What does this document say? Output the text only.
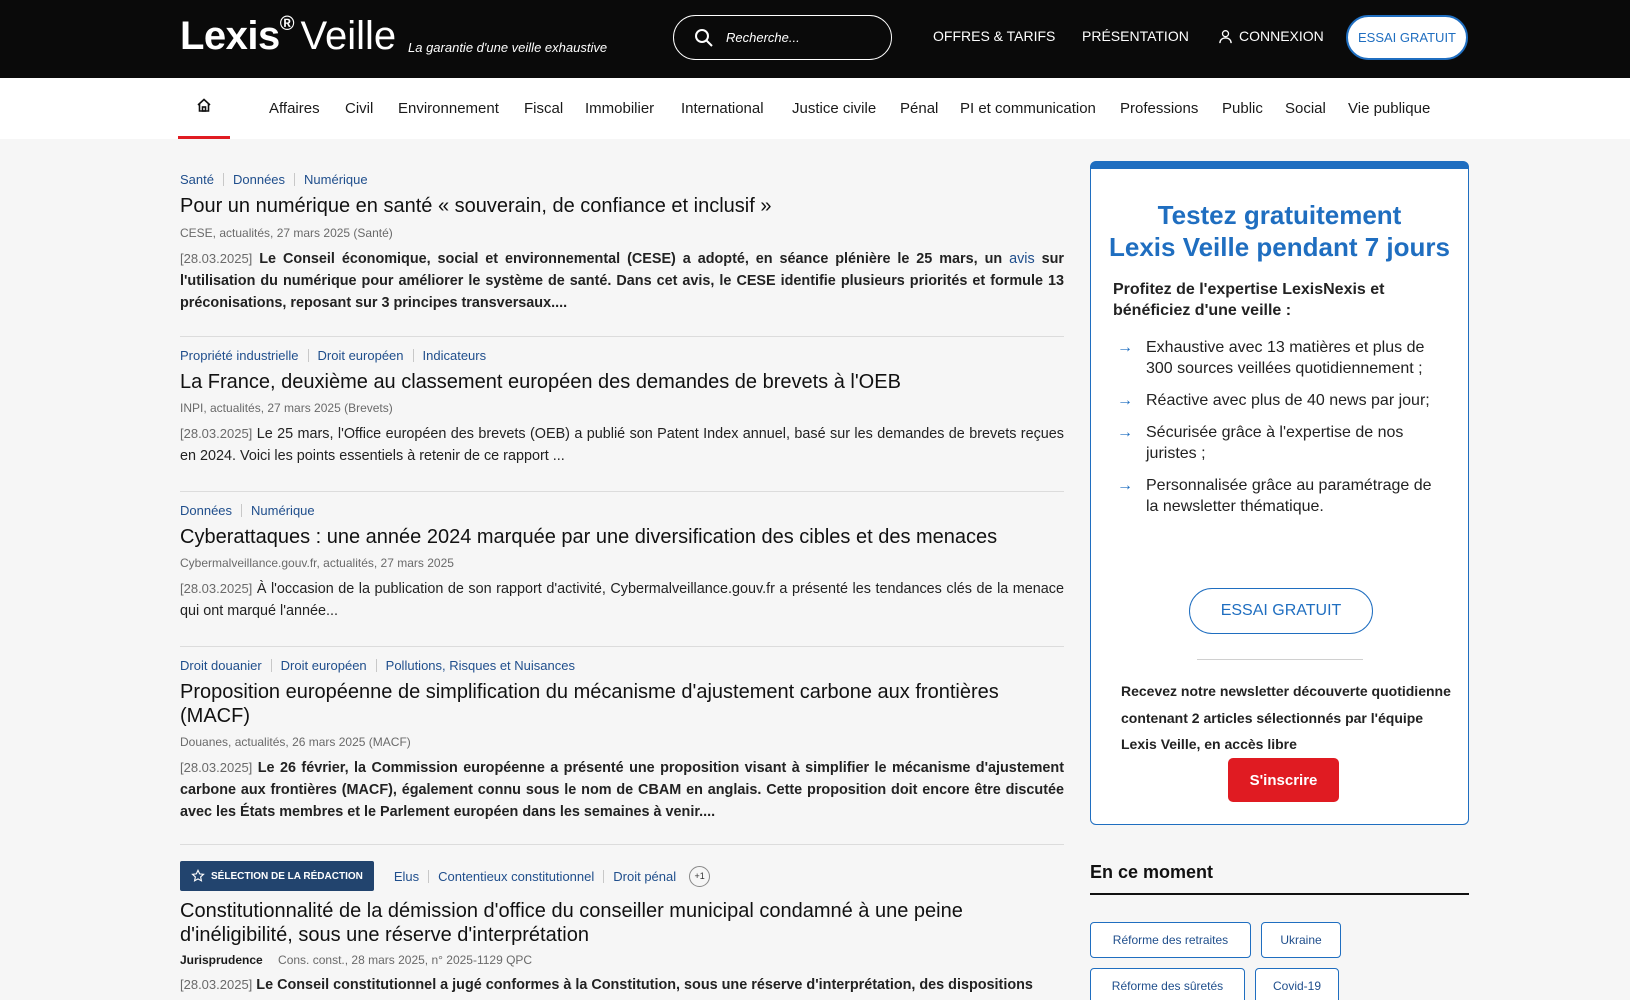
Lexis ® Veille La garantie d'une veille exhaustive
Recherche...
OFFRES & TARIFS PRÉSENTATION	CONNEXION	ESSAI GRATUIT
Affaires Civil Environnement Fiscal Immobilier International Justice civile Pénal PI et communication Professions Public Social Vie publique
Santé	Données	Numérique
Pour un numérique en santé « souverain, de confiance et inclusif »
CESE, actualités, 27 mars 2025 (Santé)

[28.03.2025] Le Conseil économique, social et environnemental (CESE) a adopté, en séance plénière le 25 mars, un avis sur l'utilisation du numérique pour améliorer le système de santé. Dans cet avis, le CESE identifie plusieurs priorités et formule 13 préconisations, reposant sur 3 principes transversaux....

Propriété industrielle	Droit européen	Indicateurs
La France, deuxième au classement européen des demandes de brevets à l'OEB
INPI, actualités, 27 mars 2025 (Brevets)

[28.03.2025] Le 25 mars, l'Office européen des brevets (OEB) a publié son Patent Index annuel, basé sur les demandes de brevets reçues en 2024. Voici les points essentiels à retenir de ce rapport ...

Données	Numérique
Cyberattaques : une année 2024 marquée par une diversification des cibles et des menaces
Cybermalveillance.gouv.fr, actualités, 27 mars 2025

[28.03.2025] À l'occasion de la publication de son rapport d'activité, Cybermalveillance.gouv.fr a présenté les tendances clés de la menace qui ont marqué l'année...

Droit douanier	Droit européen	Pollutions, Risques et Nuisances
Proposition européenne de simplification du mécanisme d'ajustement carbone aux frontières (MACF)
Douanes, actualités, 26 mars 2025 (MACF)

[28.03.2025] Le 26 février, la Commission européenne a présenté une proposition visant à simplifier le mécanisme d'ajustement carbone aux frontières (MACF), également connu sous le nom de CBAM en anglais. Cette proposition doit encore être discutée avec les États membres et le Parlement européen dans les semaines à venir....

SÉLECTION DE LA RÉDACTION Elus	Contentieux constitutionnel	Droit pénal	+1
Constitutionnalité de la démission d'office du conseiller municipal condamné à une peine d'inéligibilité, sous une réserve d'interprétation
Jurisprudence Cons. const., 28 mars 2025, n° 2025-1129 QPC

[28.03.2025] Le Conseil constitutionnel a jugé conformes à la Constitution, sous une réserve d'interprétation, des dispositions

Testez gratuitement
Lexis Veille pendant 7 jours
Profitez de l'expertise LexisNexis et bénéficiez d'une veille :
→ Exhaustive avec 13 matières et plus de 300 sources veillées quotidiennement ;
→ Réactive avec plus de 40 news par jour;
→ Sécurisée grâce à l'expertise de nos juristes ;
→ Personnalisée grâce au paramétrage de la newsletter thématique.
ESSAI GRATUIT
Recevez notre newsletter découverte quotidienne contenant 2 articles sélectionnés par l'équipe Lexis Veille, en accès libre
S'inscrire
En ce moment
Réforme des retraites	Ukraine
Réforme des sûretés	Covid-19
